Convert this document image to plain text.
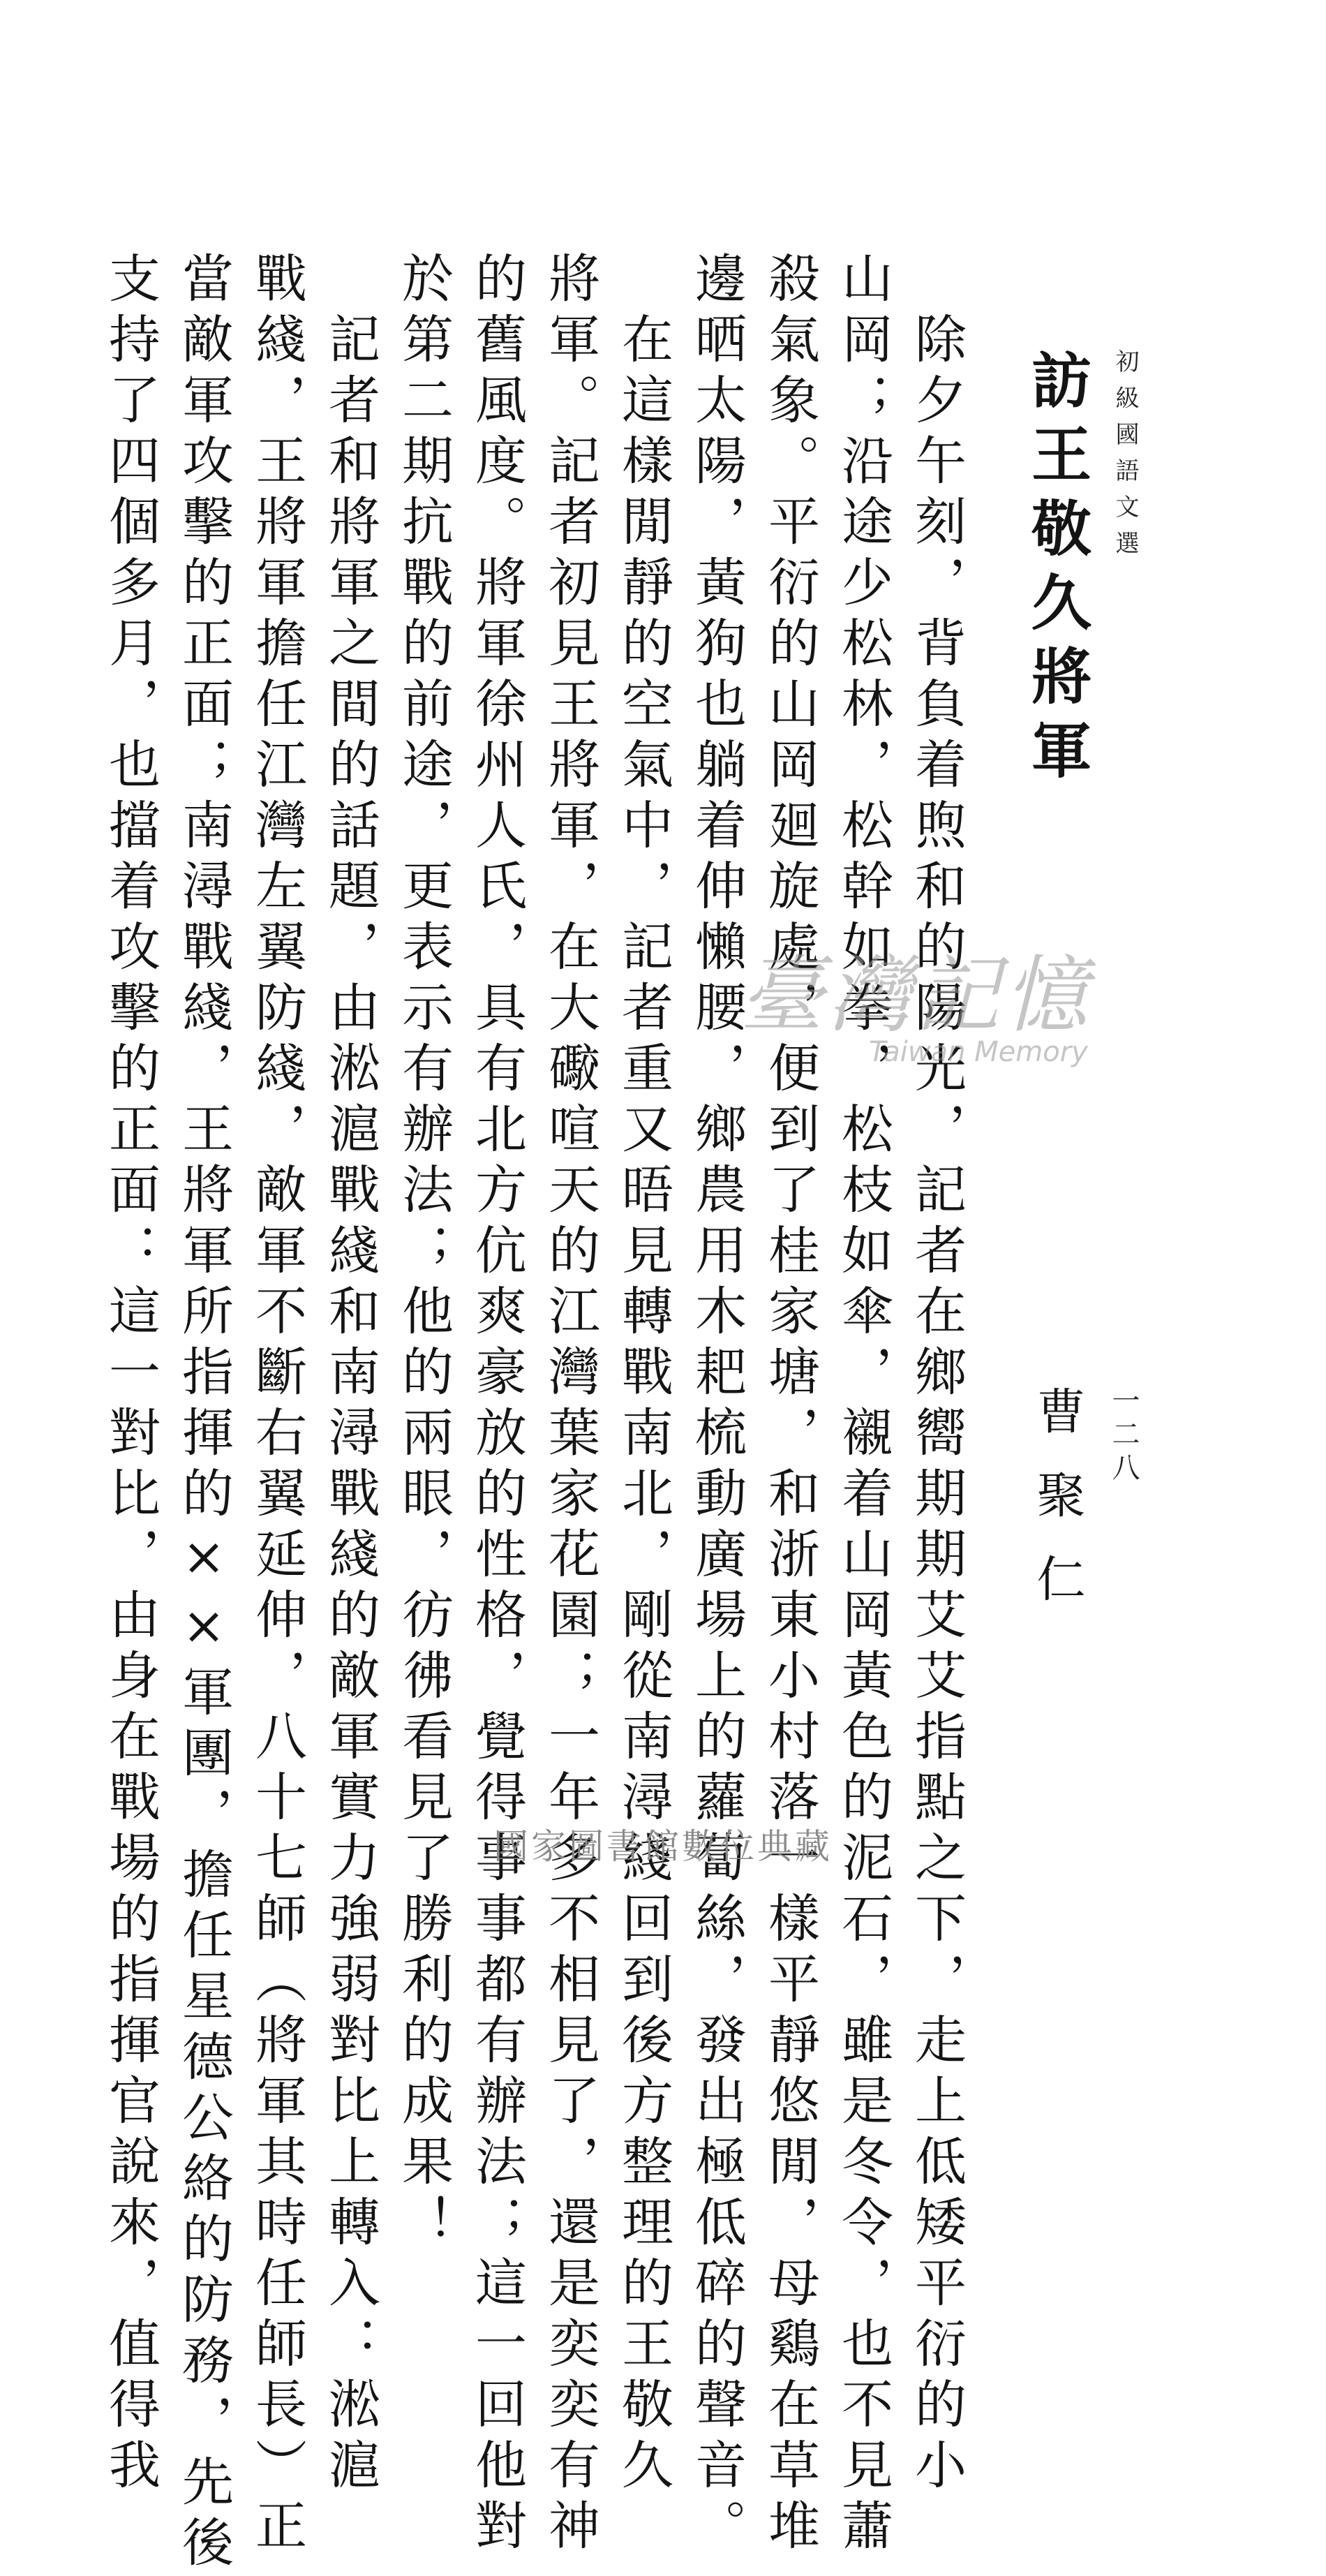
初級國語文選
一二八
訪王敬久將軍
曹聚仁
　除夕午刻，背負着煦和的陽光，記者在鄉嚮期期艾艾指點之下，走上低矮平衍的小
山岡；沿途少松林，松幹如拳，松枝如傘，襯着山岡黃色的泥石，雖是冬令，也不見蕭
殺氣象。平衍的山岡廻旋處，便到了桂家塘，和浙東小村落一樣平靜悠閒，母鷄在草堆
邊晒太陽，黃狗也躺着伸懶腰，鄉農用木耙梳動廣場上的蘿蔔絲，發出極低碎的聲音。
　在這樣閒靜的空氣中，記者重又晤見轉戰南北，剛從南潯綫回到後方整理的王敬久
將軍。記者初見王將軍，在大礮喧天的江灣葉家花園；一年多不相見了，還是奕奕有神
的舊風度。將軍徐州人氏，具有北方伉爽豪放的性格，覺得事事都有辦法；這一回他對
於第二期抗戰的前途，更表示有辦法；他的兩眼，彷彿看見了勝利的成果！
　記者和將軍之間的話題，由淞滬戰綫和南潯戰綫的敵軍實力強弱對比上轉入：淞滬
戰綫，王將軍擔任江灣左翼防綫，敵軍不斷右翼延伸，八十七師（將軍其時任師長）正
當敵軍攻擊的正面；南潯戰綫，王將軍所指揮的××軍團，擔任星德公絡的防務，先後
支持了四個多月，也擋着攻擊的正面：這一對比，由身在戰場的指揮官說來，值得我	臺灣記憶
Taiwan Memory
國家圖書館數位典藏
